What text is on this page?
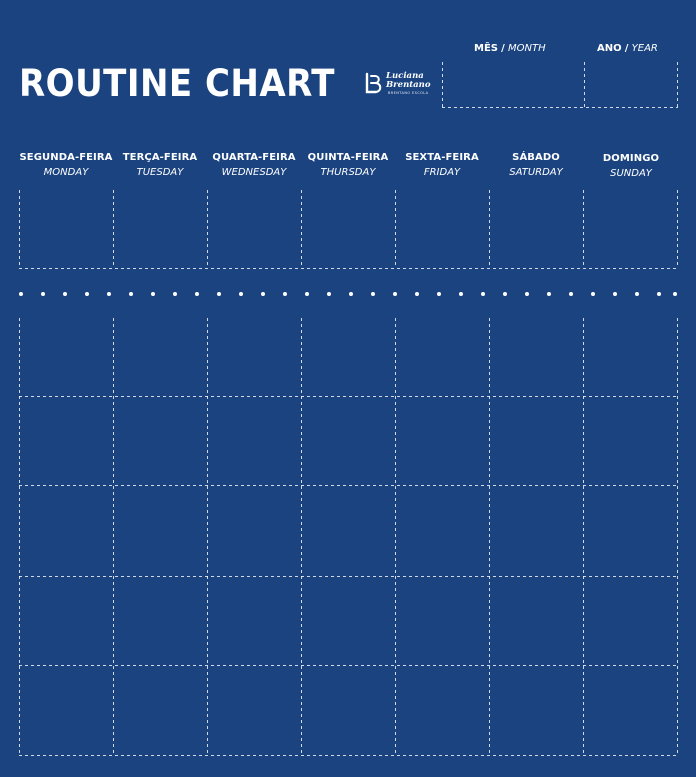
ROUTINE CHART	Luciana
Brentano
BRENTANO ESCOLA
MÊS / MONTH	ANO / YEAR
SEGUNDA-FEIRA
MONDAY
TERÇA-FEIRA
TUESDAY
QUARTA-FEIRA
WEDNESDAY
QUINTA-FEIRA
THURSDAY
SEXTA-FEIRA
FRIDAY
SÁBADO
SATURDAY
DOMINGO
SUNDAY
